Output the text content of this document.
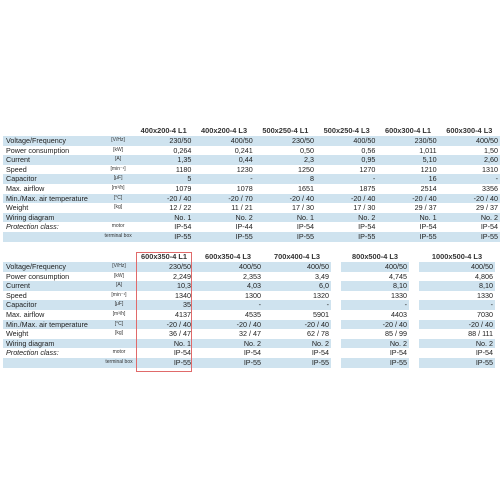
		400x200-4 L1	400x200-4 L3	500x250-4 L1	500x250-4 L3	600x300-4 L1	600x300-4 L3
Voltage/Frequency	[V/Hz]	230/50	400/50	230/50	400/50	230/50	400/50
Power consumption	[kW]	0,264	0,241	0,50	0,56	1,011	1,50
Current	[A]	1,35	0,44	2,3	0,95	5,10	2,60
Speed	[min⁻¹]	1180	1230	1250	1270	1210	1310
Capacitor	[μF]	5	-	8	-	16	-
Max. airflow	[m³/h]	1079	1078	1651	1875	2514	3356
Min./Max. air temperature	[°C]	-20 / 40	-20 / 70	-20 / 40	-20 / 40	-20 / 40	-20 / 40
Weight	[kg]	12 / 22	11 / 21	17 / 30	17 / 30	29 / 37	29 / 37
Wiring diagram		No. 1	No. 2	No. 1	No. 2	No. 1	No. 2
Protection class:	motor	IP-54	IP-44	IP-54	IP-54	IP-54	IP-54
	terminal box	IP-55	IP-55	IP-55	IP-55	IP-55	IP-55
		600x350-4 L1	600x350-4 L3	700x400-4 L3		800x500-4 L3		1000x500-4 L3
Voltage/Frequency	[V/Hz]	230/50	400/50	400/50		400/50		400/50
Power consumption	[kW]	2,249	2,353	3,49		4,745		4,806
Current	[A]	10,3	4,03	6,0		8,10		8,10
Speed	[min⁻¹]	1340	1300	1320		1330		1330
Capacitor	[μF]	35	-	-		-		-
Max. airflow	[m³/h]	4137	4535	5901		4403		7030
Min./Max. air temperature	[°C]	-20 / 40	-20 / 40	-20 / 40		-20 / 40		-20 / 40
Weight	[kg]	36 / 47	32 / 47	62 / 78		85 / 99		88 / 111
Wiring diagram		No. 1	No. 2	No. 2		No. 2		No. 2
Protection class:	motor	IP-54	IP-54	IP-54		IP-54		IP-54
	terminal box	IP-55	IP-55	IP-55		IP-55		IP-55
